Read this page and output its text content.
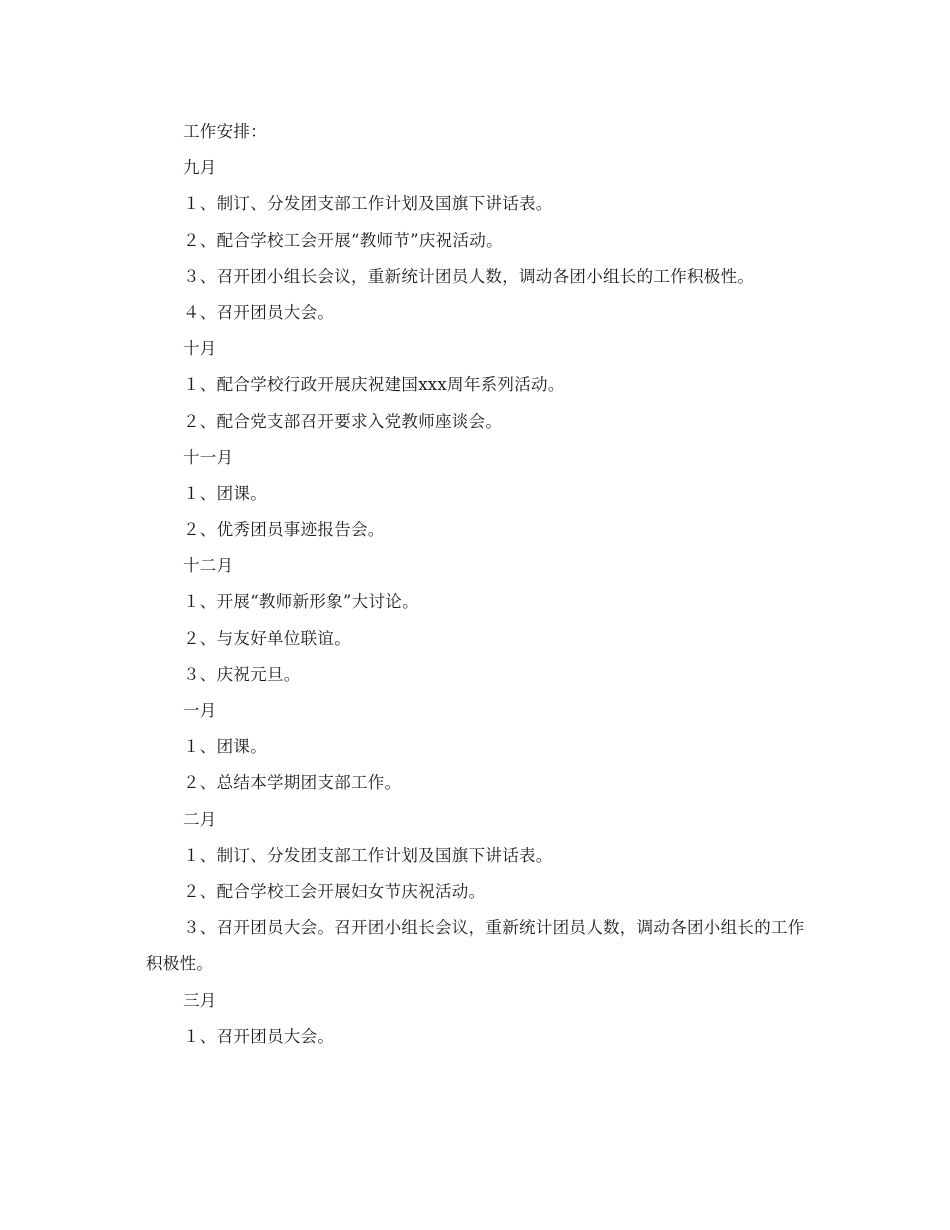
工作安排：
九月
１、制订、分发团支部工作计划及国旗下讲话表。
２、配合学校工会开展“教师节”庆祝活动。
３、召开团小组长会议，重新统计团员人数，调动各团小组长的工作积极性。
４、召开团员大会。
十月
１、配合学校行政开展庆祝建国xxx周年系列活动。
２、配合党支部召开要求入党教师座谈会。
十一月
１、团课。
２、优秀团员事迹报告会。
十二月
１、开展“教师新形象”大讨论。
２、与友好单位联谊。
３、庆祝元旦。
一月
１、团课。
２、总结本学期团支部工作。
二月
１、制订、分发团支部工作计划及国旗下讲话表。
２、配合学校工会开展妇女节庆祝活动。
３、召开团员大会。召开团小组长会议，重新统计团员人数，调动各团小组长的工作积极性。
三月
１、召开团员大会。
